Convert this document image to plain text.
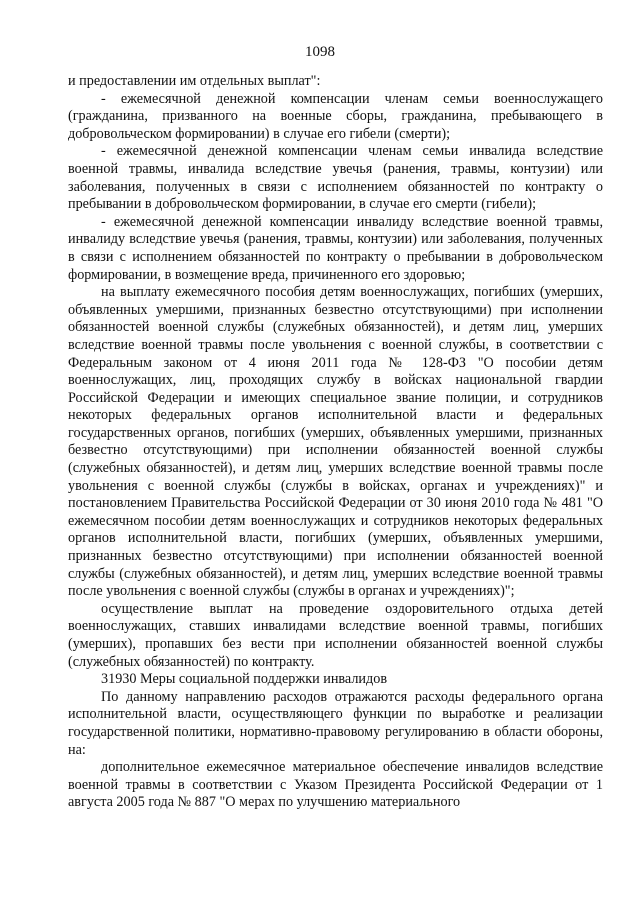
1098

и предоставлении им отдельных выплат":

- ежемесячной денежной компенсации членам семьи военнослужащего (гражданина, призванного на военные сборы, гражданина, пребывающего в добровольческом формировании) в случае его гибели (смерти);

- ежемесячной денежной компенсации членам семьи инвалида вследствие военной травмы, инвалида вследствие увечья (ранения, травмы, контузии) или заболевания, полученных в связи с исполнением обязанностей по контракту о пребывании в добровольческом формировании, в случае его смерти (гибели);

- ежемесячной денежной компенсации инвалиду вследствие военной травмы, инвалиду вследствие увечья (ранения, травмы, контузии) или заболевания, полученных в связи с исполнением обязанностей по контракту о пребывании в добровольческом формировании, в возмещение вреда, причиненного его здоровью;

на выплату ежемесячного пособия детям военнослужащих, погибших (умерших, объявленных умершими, признанных безвестно отсутствующими) при исполнении обязанностей военной службы (служебных обязанностей), и детям лиц, умерших вследствие военной травмы после увольнения с военной службы, в соответствии с Федеральным законом от 4 июня 2011 года № 128-ФЗ "О пособии детям военнослужащих, лиц, проходящих службу в войсках национальной гвардии Российской Федерации и имеющих специальное звание полиции, и сотрудников некоторых федеральных органов исполнительной власти и федеральных государственных органов, погибших (умерших, объявленных умершими, признанных безвестно отсутствующими) при исполнении обязанностей военной службы (служебных обязанностей), и детям лиц, умерших вследствие военной травмы после увольнения с военной службы (службы в войсках, органах и учреждениях)" и постановлением Правительства Российской Федерации от 30 июня 2010 года № 481 "О ежемесячном пособии детям военнослужащих и сотрудников некоторых федеральных органов исполнительной власти, погибших (умерших, объявленных умершими, признанных безвестно отсутствующими) при исполнении обязанностей военной службы (служебных обязанностей), и детям лиц, умерших вследствие военной травмы после увольнения с военной службы (службы в органах и учреждениях)";

осуществление выплат на проведение оздоровительного отдыха детей военнослужащих, ставших инвалидами вследствие военной травмы, погибших (умерших), пропавших без вести при исполнении обязанностей военной службы (служебных обязанностей) по контракту.

31930 Меры социальной поддержки инвалидов

По данному направлению расходов отражаются расходы федерального органа исполнительной власти, осуществляющего функции по выработке и реализации государственной политики, нормативно-правовому регулированию в области обороны, на:

дополнительное ежемесячное материальное обеспечение инвалидов вследствие военной травмы в соответствии с Указом Президента Российской Федерации от 1 августа 2005 года № 887 "О мерах по улучшению материального
